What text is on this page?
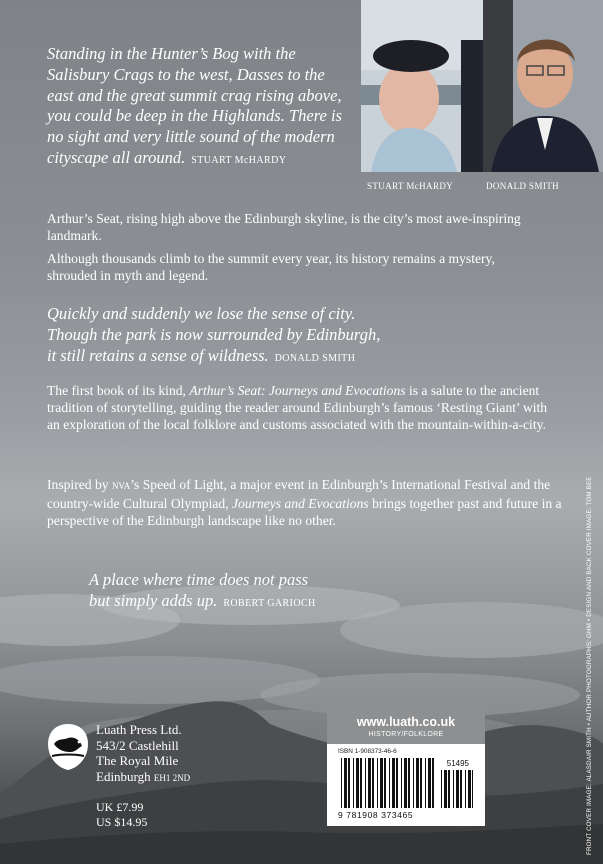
STUART McHARDY	DONALD SMITH
Standing in the Hunter’s Bog with the Salisbury Crags to the west, Dasses to the east and the great summit crag rising above, you could be deep in the Highlands. There is no sight and very little sound of the modern cityscape all around. STUART McHARDY
Arthur’s Seat, rising high above the Edinburgh skyline, is the city’s most awe-inspiring landmark.
Although thousands climb to the summit every year, its history remains a mystery, shrouded in myth and legend.
Quickly and suddenly we lose the sense of city.
Though the park is now surrounded by Edinburgh,
it still retains a sense of wildness. DONALD SMITH
The first book of its kind, Arthur’s Seat: Journeys and Evocations is a salute to the ancient tradition of storytelling, guiding the reader around Edinburgh’s famous ‘Resting Giant’ with an exploration of the local folklore and customs associated with the mountain-within-a-city.
Inspired by NVA’s Speed of Light, a major event in Edinburgh’s International Festival and the country-wide Cultural Olympiad, Journeys and Evocations brings together past and future in a perspective of the Edinburgh landscape like no other.
A place where time does not pass
but simply adds up. ROBERT GARIOCH
Luath Press Ltd.
543/2 Castlehill
The Royal Mile
Edinburgh EH1 2ND
UK £7.99
US $14.95
www.luath.co.uk
HISTORY/FOLKLORE
ISBN 1-908373-46-6
51495
9 781908 373465	FRONT COVER IMAGE: ALASDAIR SMITH • AUTHOR PHOTOGRAPHS: GHM • DESIGN AND BACK COVER IMAGE: TOM BEE
